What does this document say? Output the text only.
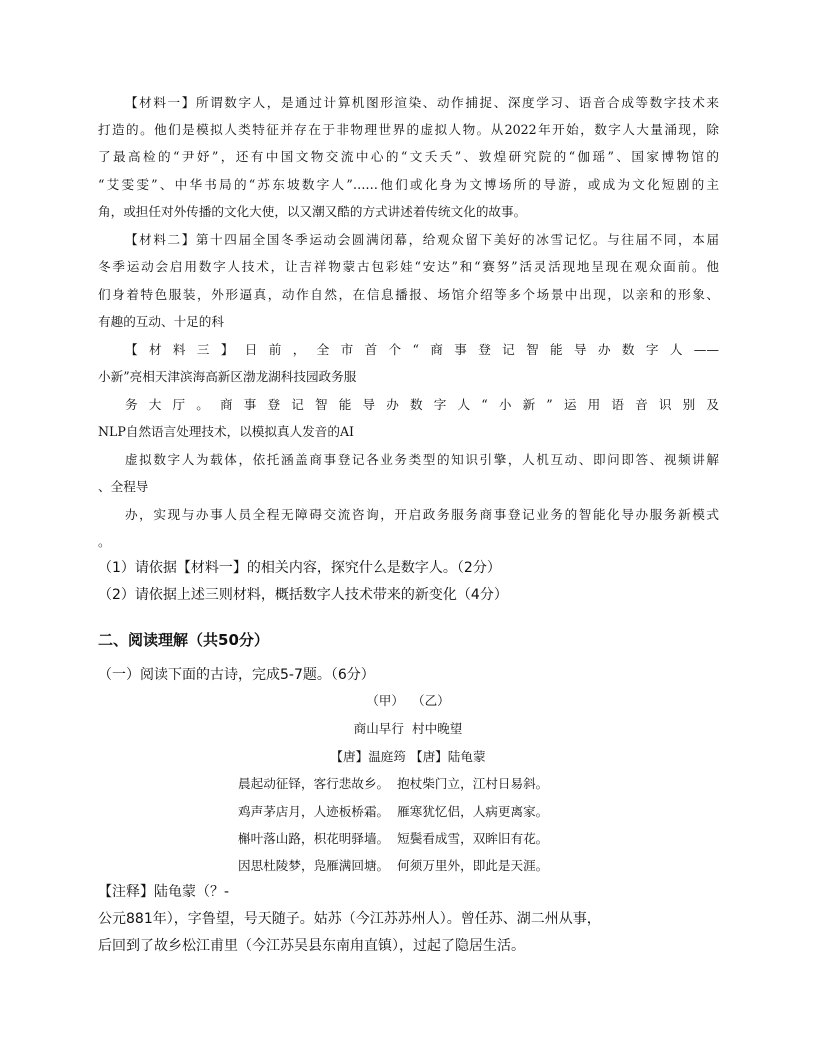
【材料一】所谓数字人，是通过计算机图形渲染、动作捕捉、深度学习、语音合成等数字技术来
打造的。他们是模拟人类特征并存在于非物理世界的虚拟人物。从2022年开始，数字人大量涌现，除
了最高检的“尹妤”，还有中国文物交流中心的“文夭夭”、敦煌研究院的“伽瑶”、国家博物馆的
“艾雯雯”、中华书局的“苏东坡数字人”……他们或化身为文博场所的导游，或成为文化短剧的主
角，或担任对外传播的文化大使，以又潮又酷的方式讲述着传统文化的故事。
【材料二】第十四届全国冬季运动会圆满闭幕，给观众留下美好的冰雪记忆。与往届不同，本届
冬季运动会启用数字人技术，让吉祥物蒙古包彩娃“安达”和“赛努”活灵活现地呈现在观众面前。他
们身着特色服装，外形逼真，动作自然，在信息播报、场馆介绍等多个场景中出现，以亲和的形象、
有趣的互动、十足的科
【材料三】日前，全市首个“商事登记智能导办数字人——
小新”亮相天津滨海高新区渤龙湖科技园政务服
务大厅。商事登记智能导办数字人“小新”运用语音识别及
NLP自然语言处理技术，以模拟真人发音的AI
虚拟数字人为载体，依托涵盖商事登记各业务类型的知识引擎，人机互动、即问即答、视频讲解
、全程导
办，实现与办事人员全程无障碍交流咨询，开启政务服务商事登记业务的智能化导办服务新模式
。
（1）请依据【材料一】的相关内容，探究什么是数字人。（2分）
（2）请依据上述三则材料，概括数字人技术带来的新变化（4分）
二、阅读理解（共50分）
（一）阅读下面的古诗，完成5-7题。（6分）
（甲）  （乙）
商山早行  村中晚望
【唐】温庭筠 【唐】陆龟蒙
晨起动征铎，客行悲故乡。  抱杖柴门立，江村日易斜。
鸡声茅店月，人迹板桥霜。  雁寒犹忆侣，人病更离家。
槲叶落山路，枳花明驿墙。  短鬓看成雪，双眸旧有花。
因思杜陵梦，凫雁满回塘。  何须万里外，即此是天涯。
【注释】陆龟蒙（？-
公元881年），字鲁望，号天随子。姑苏（今江苏苏州人）。曾任苏、湖二州从事，
后回到了故乡松江甫里（今江苏吴县东南甪直镇），过起了隐居生活。
